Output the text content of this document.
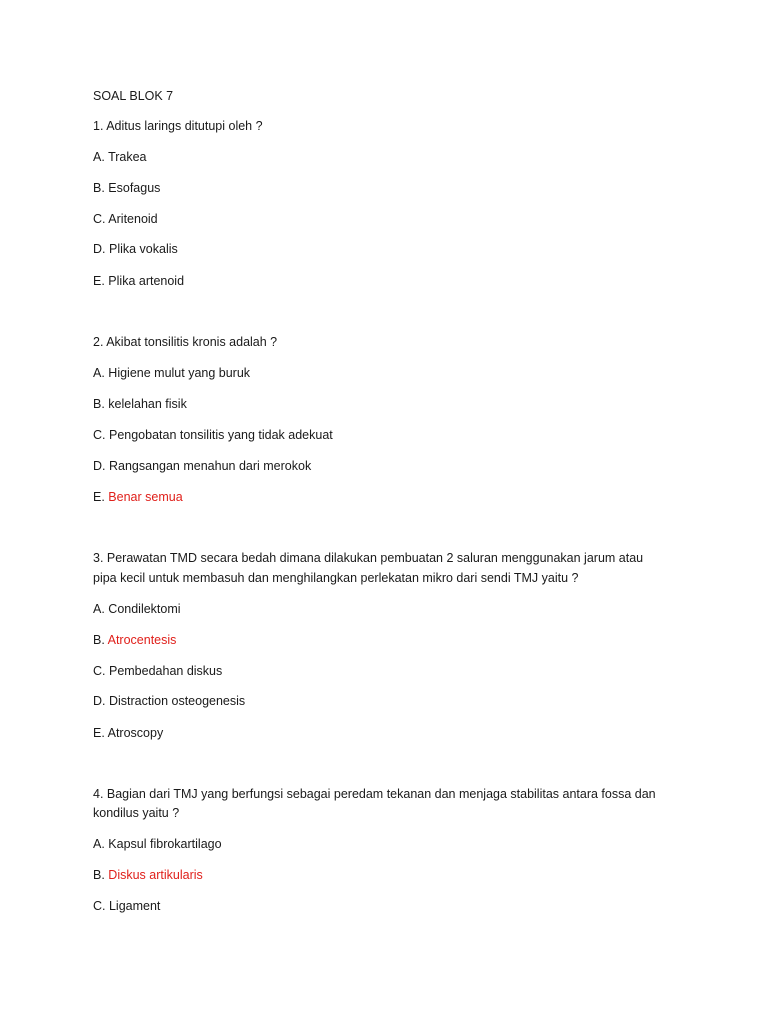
SOAL BLOK 7
1. Aditus larings ditutupi oleh ?
A. Trakea
B. Esofagus
C. Aritenoid
D. Plika vokalis
E. Plika artenoid
2. Akibat tonsilitis kronis adalah ?
A. Higiene mulut yang buruk
B. kelelahan fisik
C. Pengobatan tonsilitis yang tidak adekuat
D. Rangsangan menahun dari merokok
E. Benar semua
3. Perawatan TMD secara bedah dimana dilakukan pembuatan 2 saluran menggunakan jarum atau
pipa kecil untuk membasuh dan menghilangkan perlekatan mikro dari sendi TMJ yaitu ?
A. Condilektomi
B. Atrocentesis
C. Pembedahan diskus
D. Distraction osteogenesis
E. Atroscopy
4. Bagian dari TMJ yang berfungsi sebagai peredam tekanan dan menjaga stabilitas antara fossa dan
kondilus yaitu ?
A. Kapsul fibrokartilago
B. Diskus artikularis
C. Ligament
